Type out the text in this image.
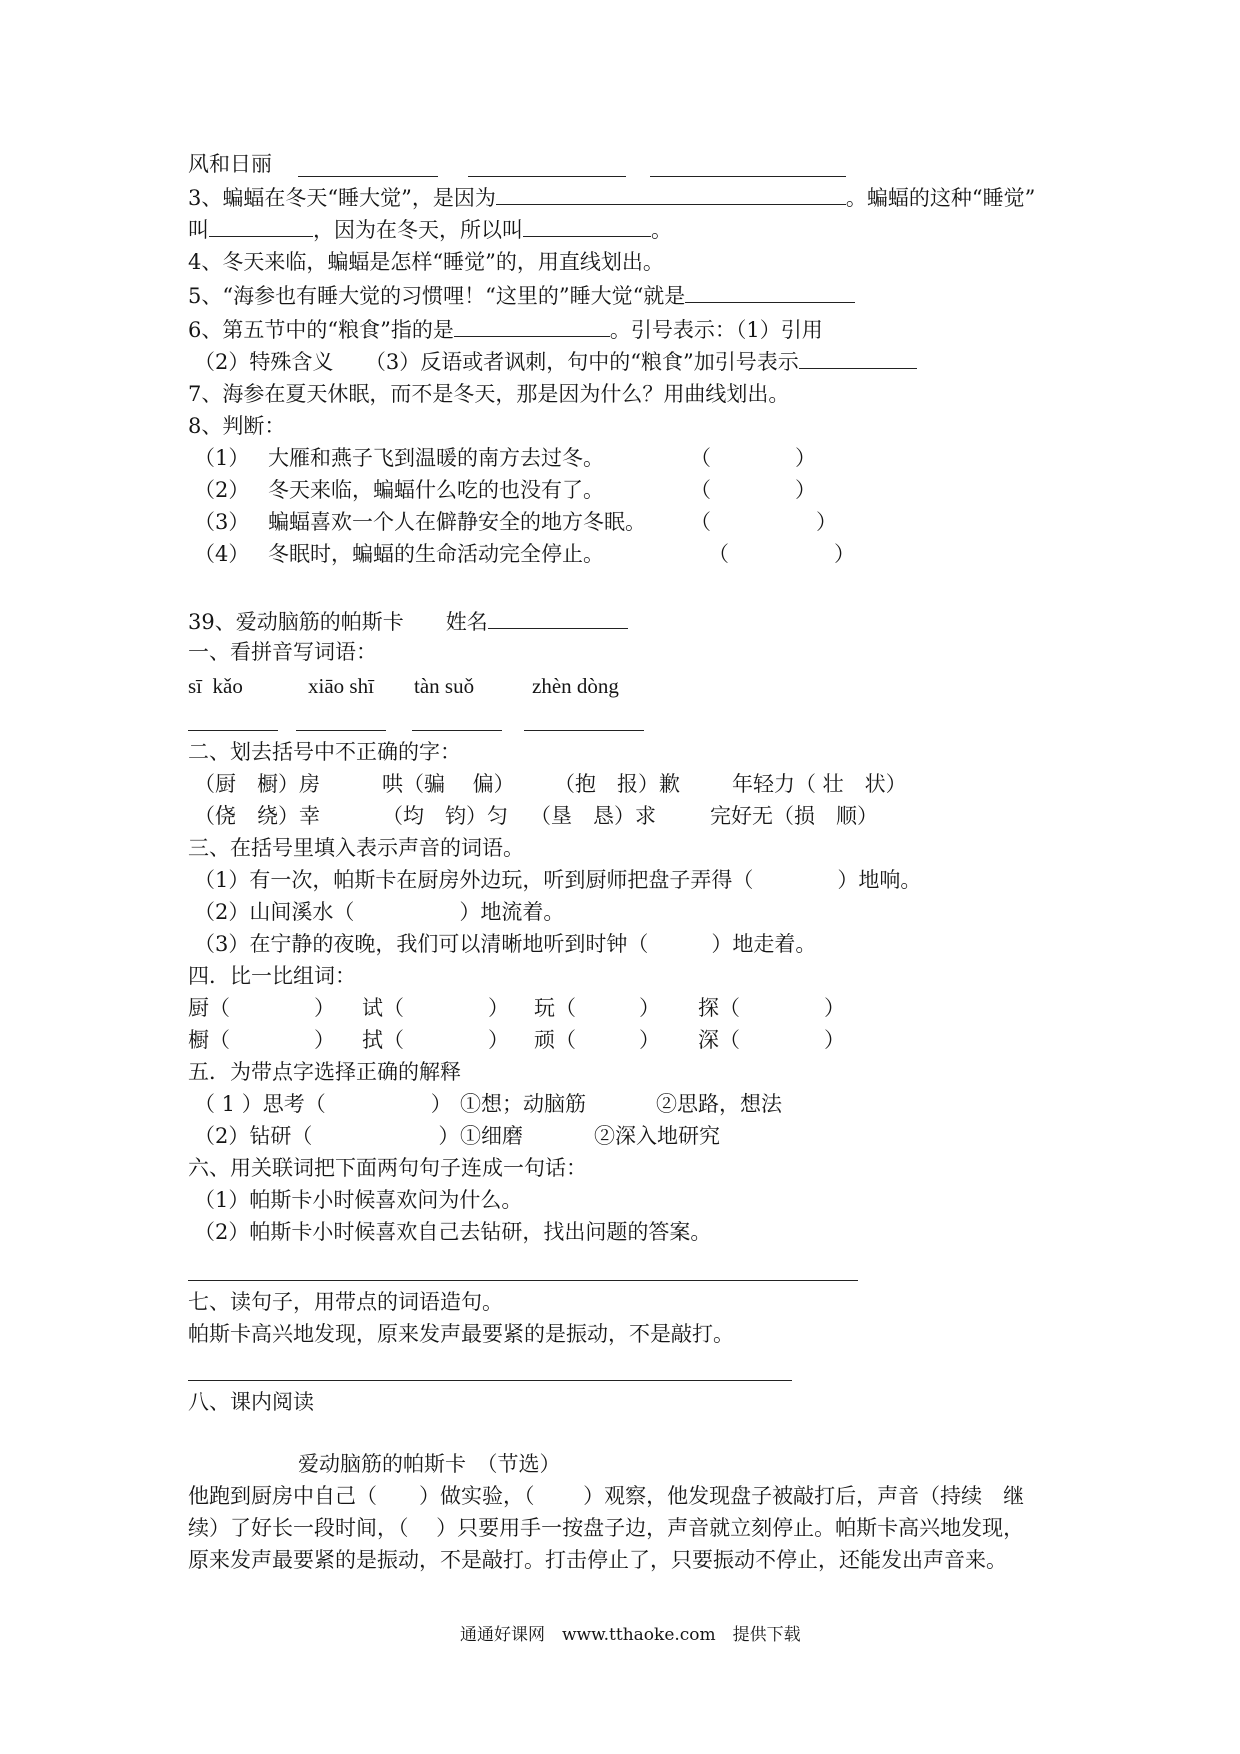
风和日丽
3、蝙蝠在冬天“睡大觉”，是因为	。蝙蝠的这种“睡觉”
叫	，因为在冬天，所以叫	。
4、冬天来临，蝙蝠是怎样“睡觉”的，用直线划出。
5、“海参也有睡大觉的习惯哩！“这里的”睡大觉“就是
6、第五节中的“粮食”指的是	。引号表示：（1）引用
（2）特殊含义　　（3）反语或者讽刺，句中的“粮食”加引号表示
7、海参在夏天休眠，而不是冬天，那是因为什么？用曲线划出。
8、判断：
（1） 大雁和燕子飞到温暖的南方去过冬。	（　　　　）
（2） 冬天来临，蝙蝠什么吃的也没有了。	（　　　　）
（3） 蝙蝠喜欢一个人在僻静安全的地方冬眠。 （　　　　　）
（4） 冬眠时，蝙蝠的生命活动完全停止。	（　　　　　）
39、爱动脑筋的帕斯卡　　 姓名
一、看拼音写词语：
sī  kǎo	xiāo shī tàn suǒ	zhèn dòng
二、划去括号中不正确的字：
（厨　橱）房	哄（骗　 偏） （抱　报）歉 年轻力（ 壮　状）
（侥　绕）幸	（均　钧）匀 （垦　恳）求	完好无（损　顺）
三、在括号里填入表示声音的词语。
（1）有一次，帕斯卡在厨房外边玩，听到厨师把盘子弄得（　　　　）地响。
（2）山间溪水（　　　　　）地流着。
（3）在宁静的夜晚，我们可以清晰地听到时钟（　　　）地走着。
四．比一比组词：
厨（　　　　） 试（　　　　） 玩（　　　） 探（　　　　）
橱（　　　　） 拭（　　　　） 顽（　　　） 深（　　　　）
五．为带点字选择正确的解释
（ 1 ）思考（　　　　　） ①想；动脑筋	②思路，想法
（2）钻研（　　　　　　） ①细磨	②深入地研究
六、用关联词把下面两句句子连成一句话：
（1）帕斯卡小时候喜欢问为什么。
（2）帕斯卡小时候喜欢自己去钻研，找出问题的答案。
七、读句子，用带点的词语造句。
帕斯卡高兴地发现，原来发声最要紧的是振动，不是敲打。
八、课内阅读
爱动脑筋的帕斯卡　（节选）
他跑到厨房中自己（　　）做实验，（　　 ）观察，他发现盘子被敲打后，声音（持续　继
续）了好长一段时间，（　 ）只要用手一按盘子边，声音就立刻停止。帕斯卡高兴地发现，
原来发声最要紧的是振动，不是敲打。打击停止了，只要振动不停止，还能发出声音来。
通通好课网　www.tthaoke.com　提供下载
